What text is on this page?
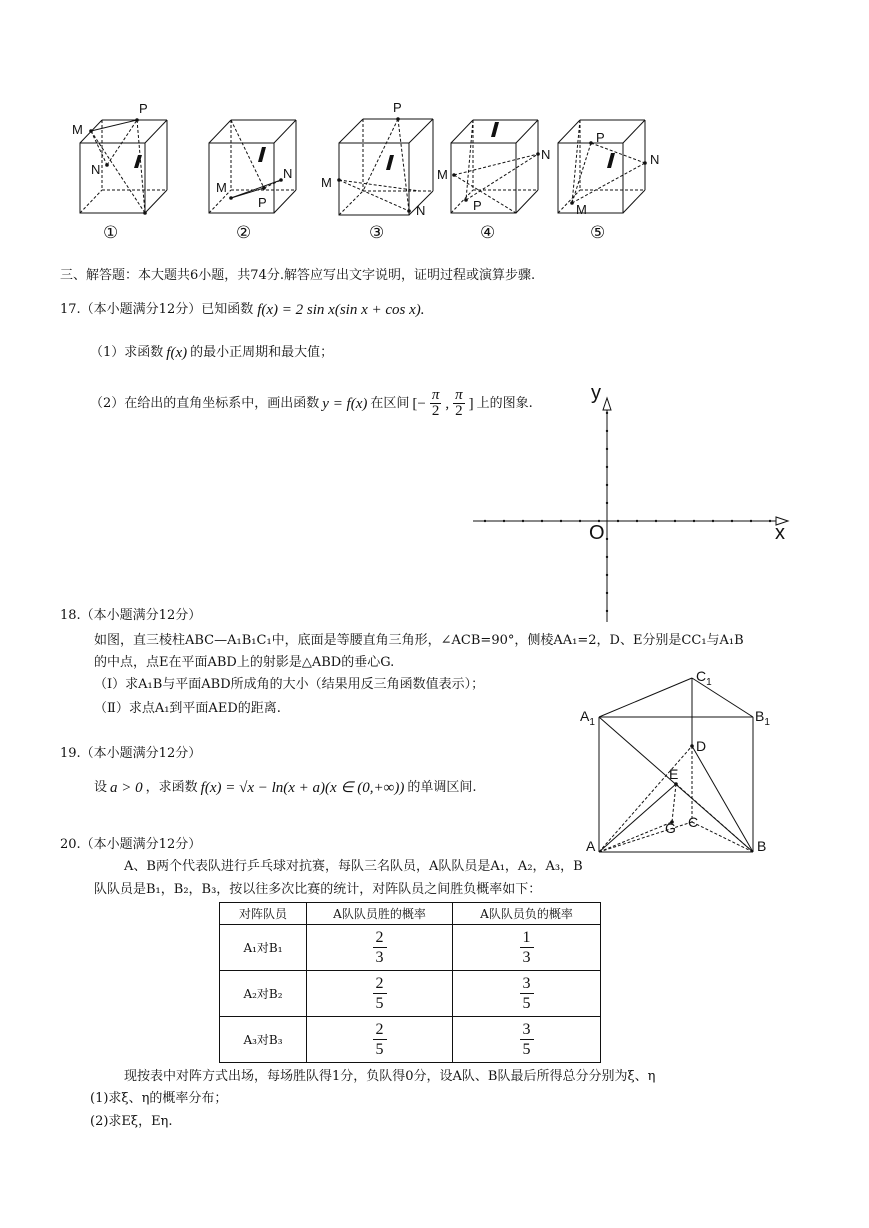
M
P
N
M
N
P
P
M
N
M
N
P
P
N
M
①	②	③	④	⑤
三、解答题：本大题共6小题，共74分.解答应写出文字说明，证明过程或演算步骤.
17.（本小题满分12分）已知函数 f(x) = 2 sin x(sin x + cos x).
（1）求函数 f(x) 的最小正周期和最大值；
（2）在给出的直角坐标系中，画出函数 y = f(x) 在区间 [− $\frac{\pi}{2}$ , $\frac{\pi}{2}$ ] 上的图象.	y
x
O
18.（本小题满分12分）
如图，直三棱柱ABC—A₁B₁C₁中，底面是等腰直角三角形，∠ACB=90°，侧棱AA₁=2，D、E分别是CC₁与A₁B
的中点，点E在平面ABD上的射影是△ABD的垂心G.
（Ⅰ）求A₁B与平面ABD所成角的大小（结果用反三角函数值表示）；
（Ⅱ）求点A₁到平面AED的距离.
$C_1$
$A_1$	$B_1$
D
E
G C
A	B
19.（本小题满分12分）
设 a > 0 ，求函数 f(x) = √x − ln(x + a)(x ∈ (0,+∞)) 的单调区间.
20.（本小题满分12分）
A、B两个代表队进行乒乓球对抗赛，每队三名队员，A队队员是A₁，A₂，A₃，B
队队员是B₁，B₂，B₃，按以往多次比赛的统计，对阵队员之间胜负概率如下：
对阵队员	A队队员胜的概率	A队队员负的概率
A₁对B₁	$\frac{2}{3}$	$\frac{1}{3}$

A₂对B₂	$\frac{2}{5}$	$\frac{3}{5}$

A₃对B₃	$\frac{2}{5}$	$\frac{3}{5}$
现按表中对阵方式出场，每场胜队得1分，负队得0分，设A队、B队最后所得总分分别为ξ、η
(1)求ξ、η的概率分布；
(2)求Eξ，Eη.
